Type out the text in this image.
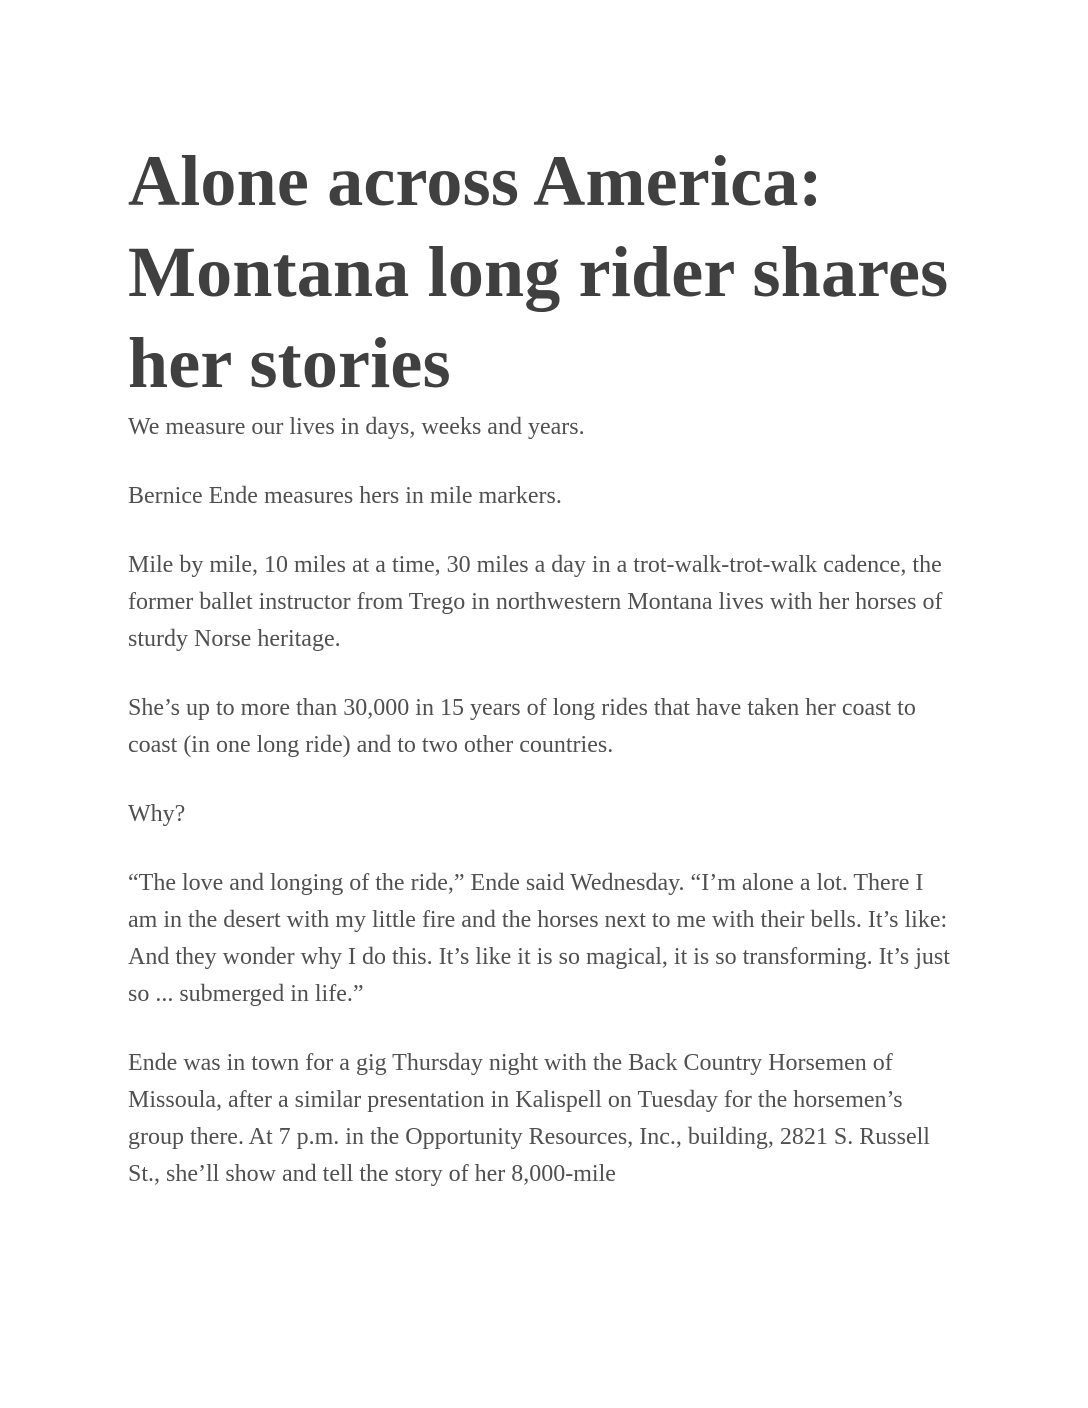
Alone across America: Montana long rider shares her stories

We measure our lives in days, weeks and years.

Bernice Ende measures hers in mile markers.

Mile by mile, 10 miles at a time, 30 miles a day in a trot-walk-trot-walk cadence, the former ballet instructor from Trego in northwestern Montana lives with her horses of sturdy Norse heritage.

She’s up to more than 30,000 in 15 years of long rides that have taken her coast to coast (in one long ride) and to two other countries.

Why?

“The love and longing of the ride,” Ende said Wednesday. “I’m alone a lot. There I am in the desert with my little fire and the horses next to me with their bells. It’s like: And they wonder why I do this. It’s like it is so magical, it is so transforming. It’s just so ... submerged in life.”

Ende was in town for a gig Thursday night with the Back Country Horsemen of Missoula, after a similar presentation in Kalispell on Tuesday for the horsemen’s group there. At 7 p.m. in the Opportunity Resources, Inc., building, 2821 S. Russell St., she’ll show and tell the story of her 8,000-mile
